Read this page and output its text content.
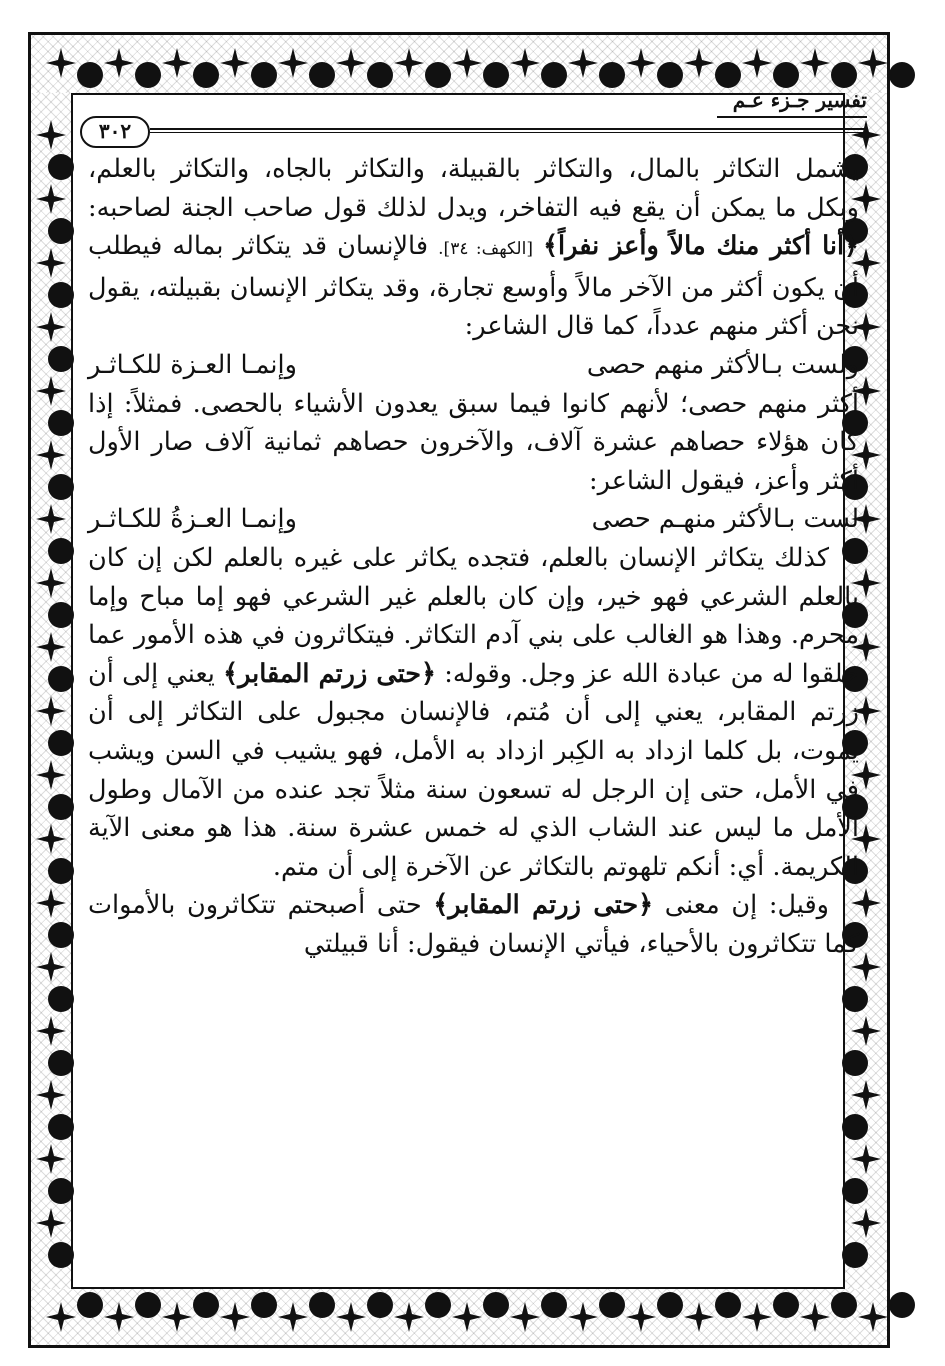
تفسير جـزء عـم
٣٠٢

يشمل التكاثر بالمال، والتكاثر بالقبيلة، والتكاثر بالجاه، والتكاثر بالعلم، وبكل ما يمكن أن يقع فيه التفاخر، ويدل لذلك قول صاحب الجنة لصاحبه: ﴿أنا أكثر منك مالاً وأعز نفراً﴾ [الكهف: ٣٤]. فالإنسان قد يتكاثر بماله فيطلب أن يكون أكثر من الآخر مالاً وأوسع تجارة، وقد يتكاثر الإنسان بقبيلته، يقول نحن أكثر منهم عدداً، كما قال الشاعر:

ولست بـالأكثر منهم حصى
وإنمـا العـزة للكـاثـر

أكثر منهم حصى؛ لأنهم كانوا فيما سبق يعدون الأشياء بالحصى. فمثلاً: إذا كان هؤلاء حصاهم عشرة آلاف، والآخرون حصاهم ثمانية آلاف صار الأول أكثر وأعز، فيقول الشاعر:

لست بـالأكثر منهـم حصى
وإنمـا العـزةُ للكـاثـر

كذلك يتكاثر الإنسان بالعلم، فتجده يكاثر على غيره بالعلم لكن إن كان بالعلم الشرعي فهو خير، وإن كان بالعلم غير الشرعي فهو إما مباح وإما محرم. وهذا هو الغالب على بني آدم التكاثر. فيتكاثرون في هذه الأمور عما خلقوا له من عبادة الله عز وجل. وقوله: ﴿حتى زرتم المقابر﴾ يعني إلى أن زرتم المقابر، يعني إلى أن مُتم، فالإنسان مجبول على التكاثر إلى أن يموت، بل كلما ازداد به الكِبر ازداد به الأمل، فهو يشيب في السن ويشب في الأمل، حتى إن الرجل له تسعون سنة مثلاً تجد عنده من الآمال وطول الأمل ما ليس عند الشاب الذي له خمس عشرة سنة. هذا هو معنى الآية الكريمة. أي: أنكم تلهوتم بالتكاثر عن الآخرة إلى أن متم.

وقيل: إن معنى ﴿حتى زرتم المقابر﴾ حتى أصبحتم تتكاثرون بالأموات كما تتكاثرون بالأحياء، فيأتي الإنسان فيقول: أنا قبيلتي
